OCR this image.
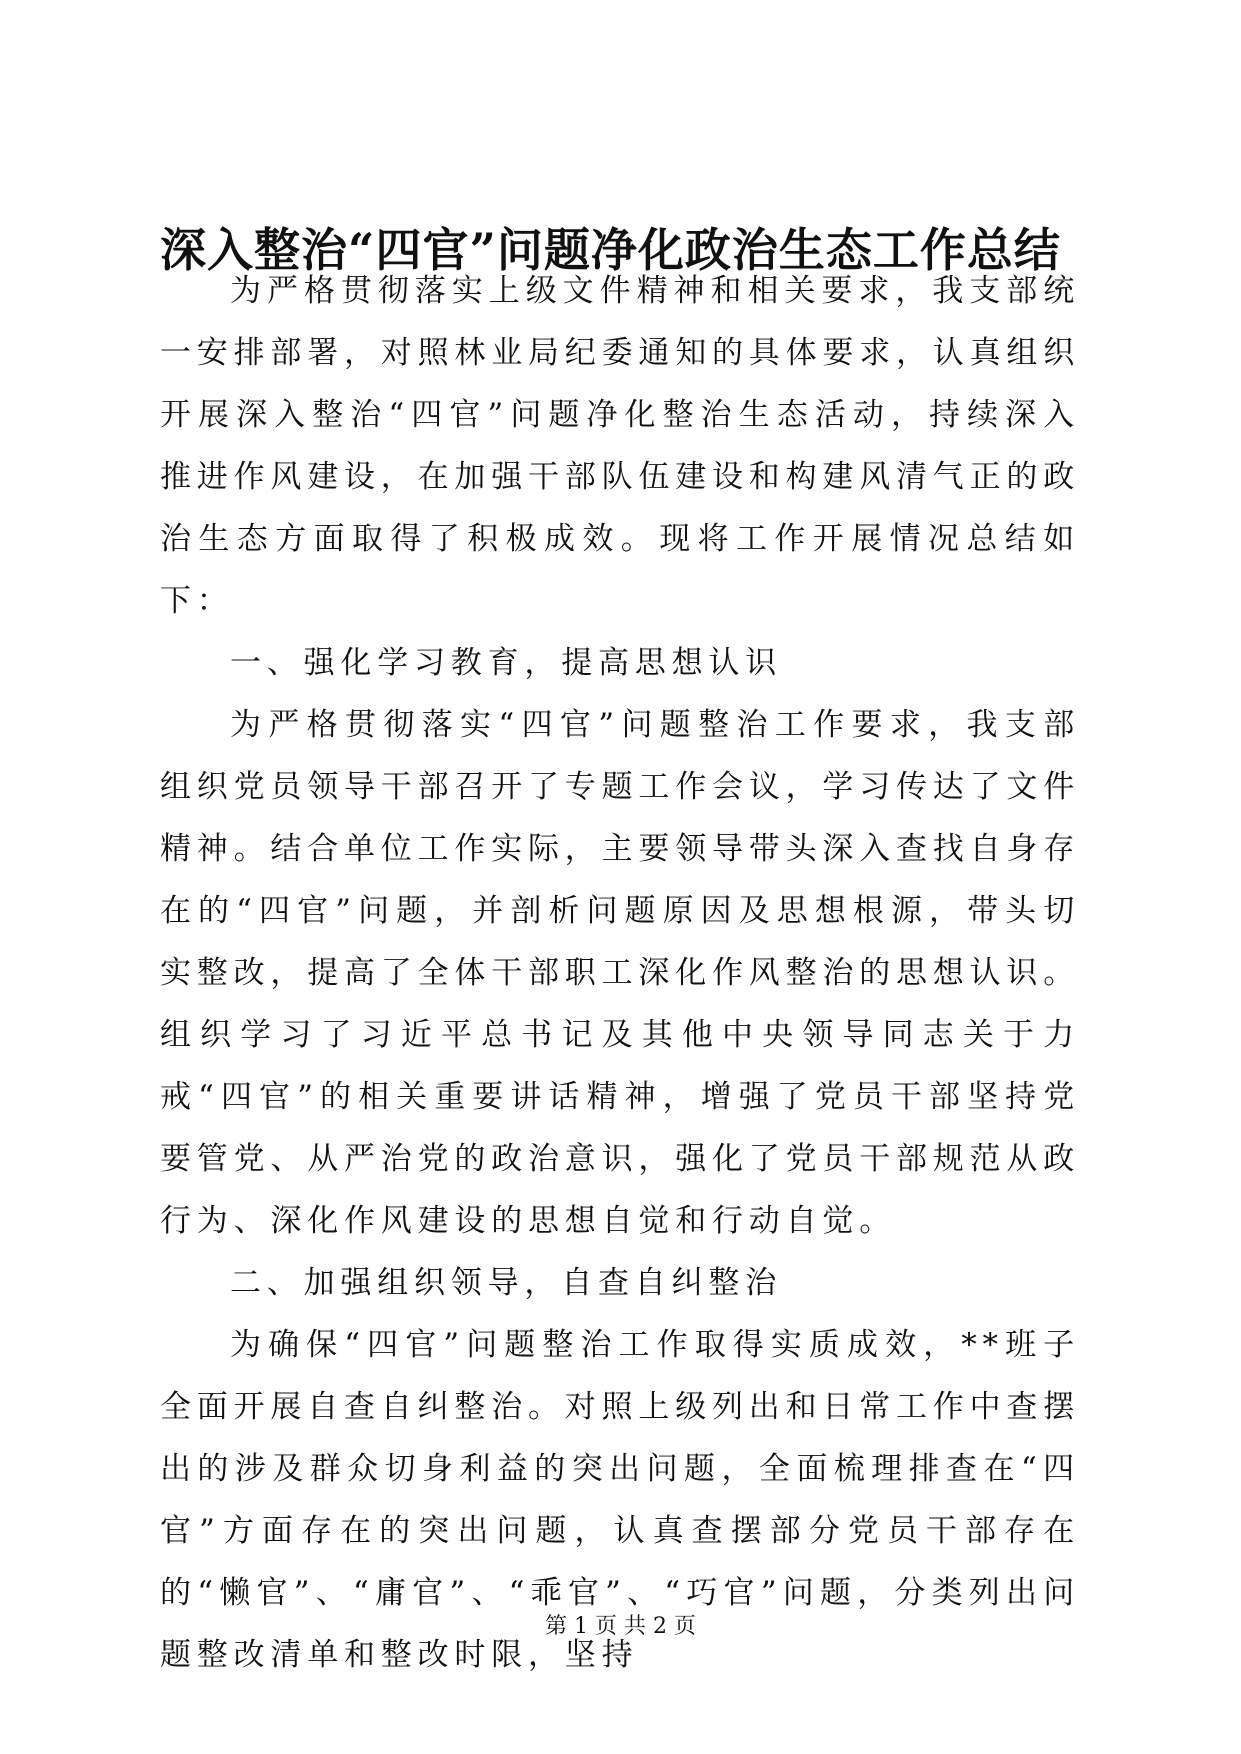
深入整治“四官”问题净化政治生态工作总结

为严格贯彻落实上级文件精神和相关要求，我支部统一安排部署，对照林业局纪委通知的具体要求，认真组织开展深入整治“四官”问题净化整治生态活动，持续深入推进作风建设，在加强干部队伍建设和构建风清气正的政治生态方面取得了积极成效。现将工作开展情况总结如下：

一、强化学习教育，提高思想认识

为严格贯彻落实“四官”问题整治工作要求，我支部组织党员领导干部召开了专题工作会议，学习传达了文件精神。结合单位工作实际，主要领导带头深入查找自身存在的“四官”问题，并剖析问题原因及思想根源，带头切实整改，提高了全体干部职工深化作风整治的思想认识。组织学习了习近平总书记及其他中央领导同志关于力戒“四官”的相关重要讲话精神，增强了党员干部坚持党要管党、从严治党的政治意识，强化了党员干部规范从政行为、深化作风建设的思想自觉和行动自觉。

二、加强组织领导，自查自纠整治

为确保“四官”问题整治工作取得实质成效，**班子全面开展自查自纠整治。对照上级列出和日常工作中查摆出的涉及群众切身利益的突出问题，全面梳理排查在“四官”方面存在的突出问题，认真查摆部分党员干部存在的“懒官”、“庸官”、“乖官”、“巧官”问题，分类列出问题整改清单和整改时限，坚持

第 1 页 共 2 页
